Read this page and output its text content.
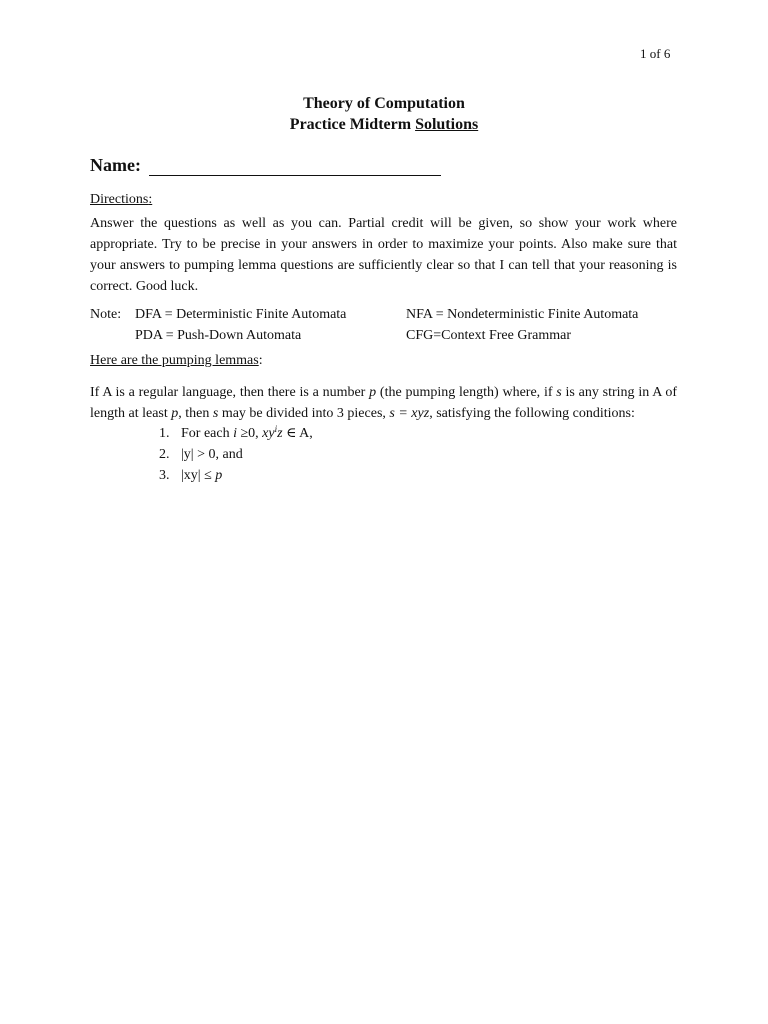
1 of 6
Theory of Computation
Practice Midterm Solutions
Name:
Directions:
Answer the questions as well as you can. Partial credit will be given, so show your work where appropriate. Try to be precise in your answers in order to maximize your points. Also make sure that your answers to pumping lemma questions are sufficiently clear so that I can tell that your reasoning is correct. Good luck.
Note: DFA = Deterministic Finite Automata	NFA = Nondeterministic Finite Automata
PDA = Push-Down Automata	CFG=Context Free Grammar
Here are the pumping lemmas:
If A is a regular language, then there is a number p (the pumping length) where, if s is any string in A of length at least p, then s may be divided into 3 pieces, s = xyz, satisfying the following conditions:
1. For each i ≥0, $xy^iz$ ∈ A,
2. |y| > 0, and
3. |xy| ≤ p
